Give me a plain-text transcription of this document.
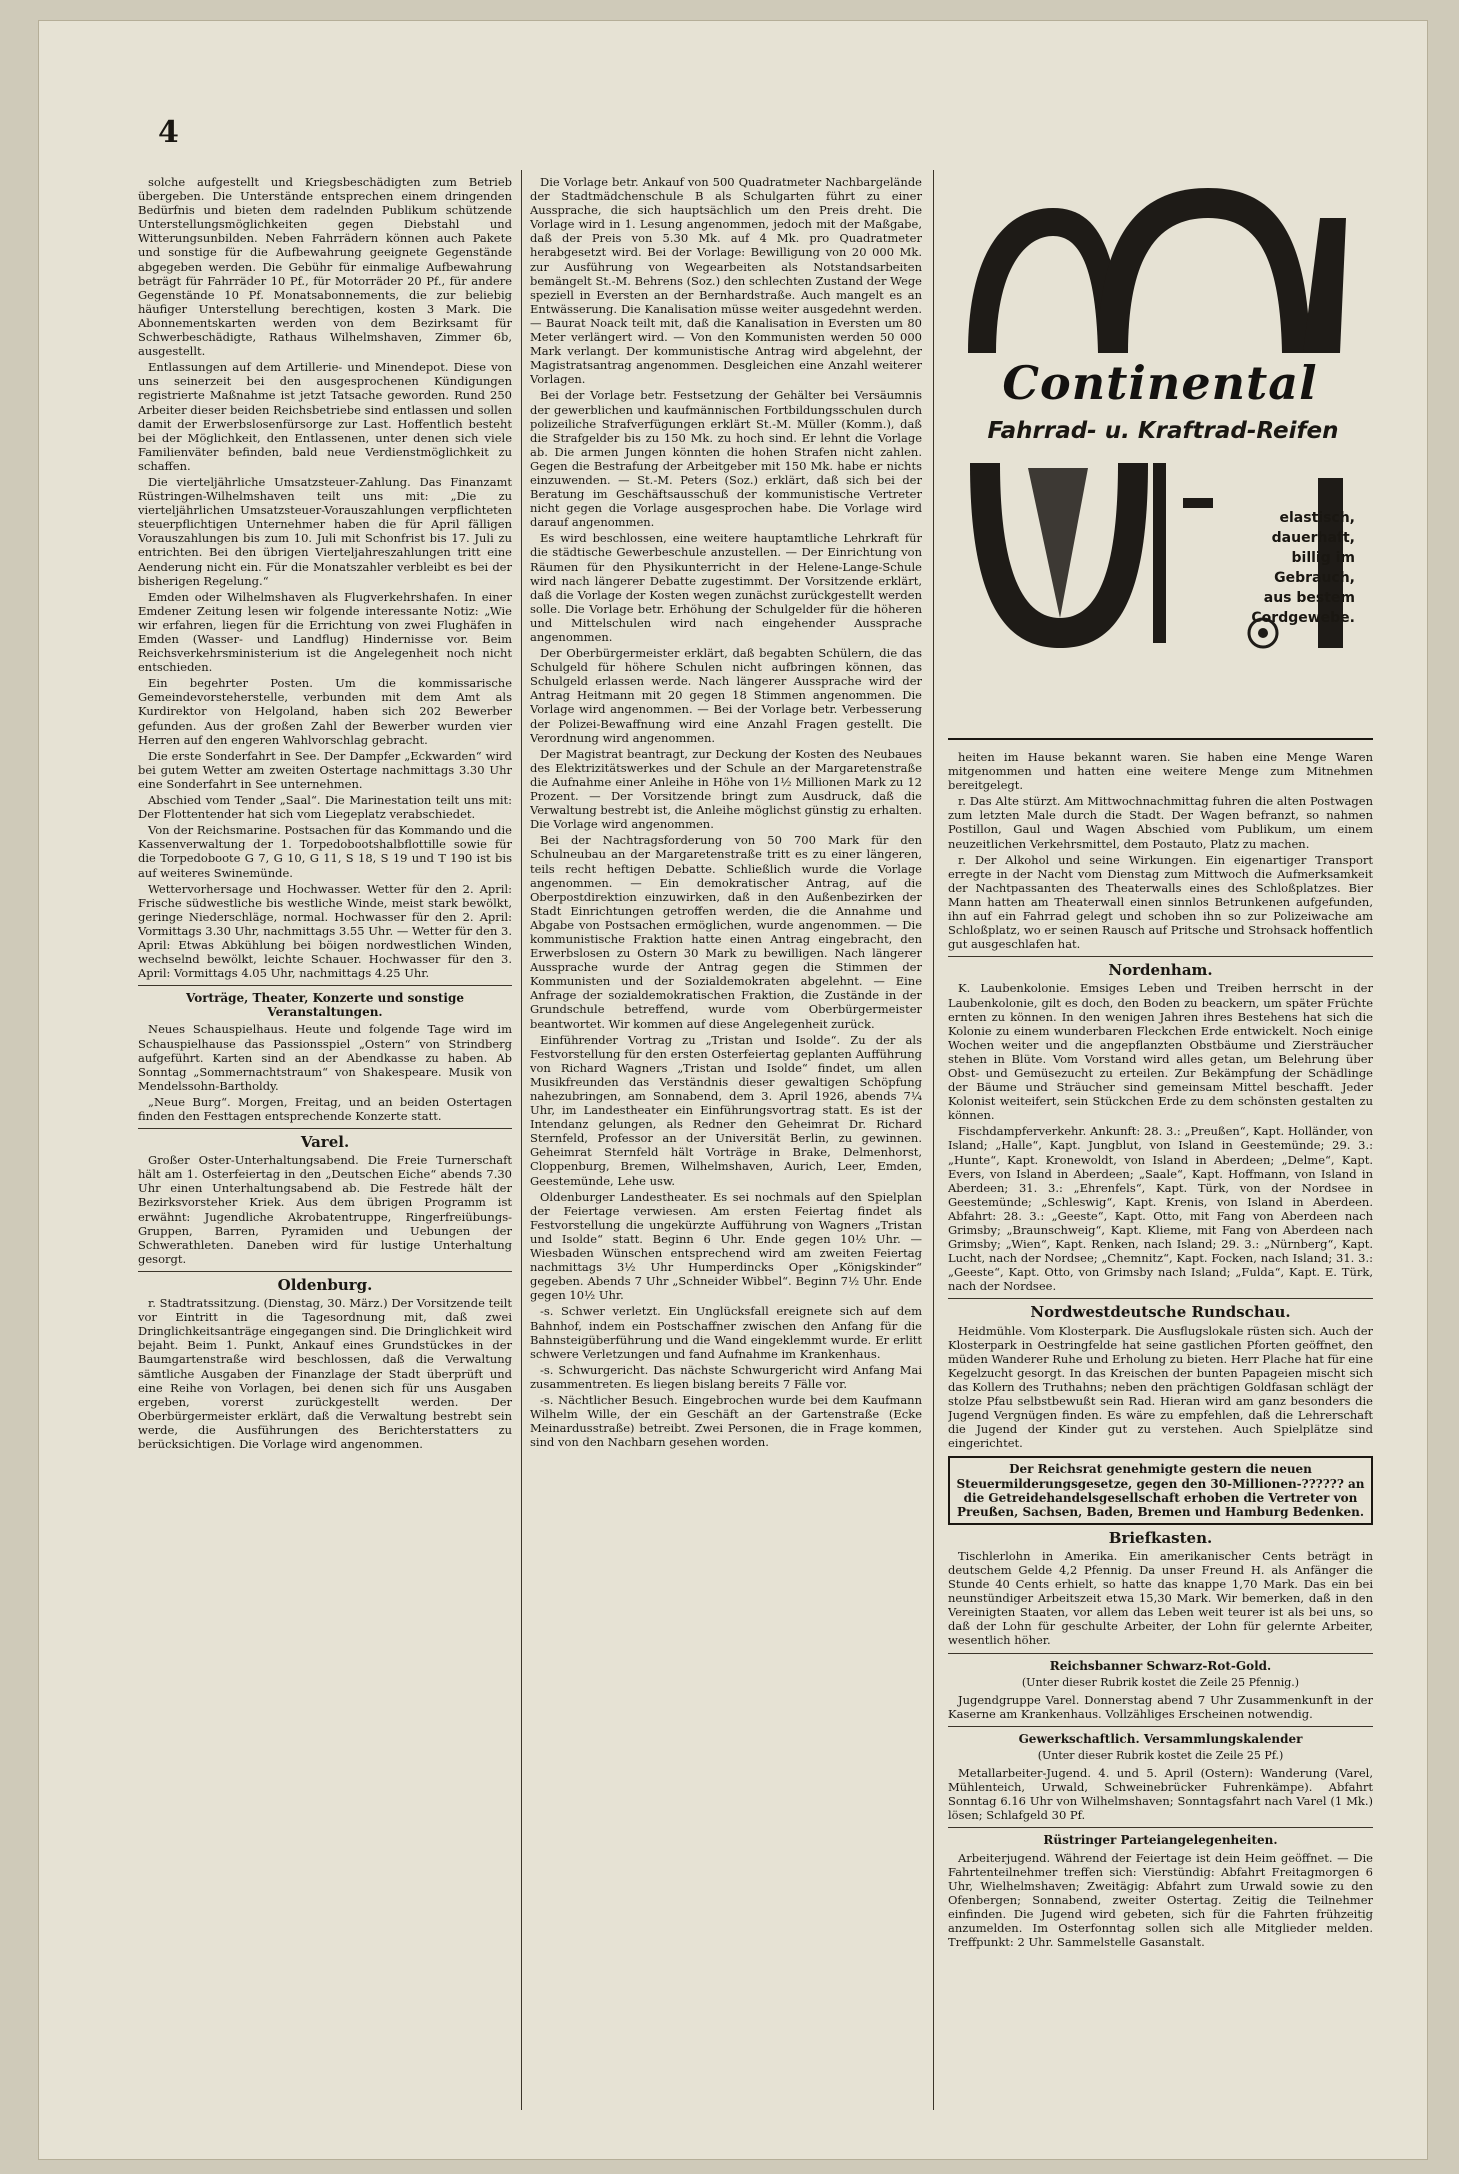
4

solche aufgestellt und Kriegsbeschädigten zum Betrieb übergeben. Die Unterstände entsprechen einem dringenden Bedürfnis und bieten dem radelnden Publikum schützende Unterstellungsmöglichkeiten gegen Diebstahl und Witterungsunbilden. Neben Fahrrädern können auch Pakete und sonstige für die Aufbewahrung geeignete Gegenstände abgegeben werden. Die Gebühr für einmalige Aufbewahrung beträgt für Fahrräder 10 Pf., für Motorräder 20 Pf., für andere Gegenstände 10 Pf. Monatsabonnements, die zur beliebig häufiger Unterstellung berechtigen, kosten 3 Mark. Die Abonnementskarten werden von dem Bezirksamt für Schwerbeschädigte, Rathaus Wilhelmshaven, Zimmer 6b, ausgestellt.

Entlassungen auf dem Artillerie- und Minendepot. Diese von uns seinerzeit bei den ausgesprochenen Kündigungen registrierte Maßnahme ist jetzt Tatsache geworden. Rund 250 Arbeiter dieser beiden Reichsbetriebe sind entlassen und sollen damit der Erwerbslosenfürsorge zur Last. Hoffentlich besteht bei der Möglichkeit, den Entlassenen, unter denen sich viele Familienväter befinden, bald neue Verdienstmöglichkeit zu schaffen.

Die vierteljährliche Umsatzsteuer-Zahlung. Das Finanzamt Rüstringen-Wilhelmshaven teilt uns mit: „Die zu vierteljährlichen Umsatzsteuer-Vorauszahlungen verpflichteten steuerpflichtigen Unternehmer haben die für April fälligen Vorauszahlungen bis zum 10. Juli mit Schonfrist bis 17. Juli zu entrichten. Bei den übrigen Vierteljahreszahlungen tritt eine Aenderung nicht ein. Für die Monatszahler verbleibt es bei der bisherigen Regelung.“

Emden oder Wilhelmshaven als Flugverkehrshafen. In einer Emdener Zeitung lesen wir folgende interessante Notiz: „Wie wir erfahren, liegen für die Errichtung von zwei Flughäfen in Emden (Wasser- und Landflug) Hindernisse vor. Beim Reichsverkehrsministerium ist die Angelegenheit noch nicht entschieden.

Ein begehrter Posten. Um die kommissarische Gemeindevorsteherstelle, verbunden mit dem Amt als Kurdirektor von Helgoland, haben sich 202 Bewerber gefunden. Aus der großen Zahl der Bewerber wurden vier Herren auf den engeren Wahlvorschlag gebracht.

Die erste Sonderfahrt in See. Der Dampfer „Eckwarden“ wird bei gutem Wetter am zweiten Ostertage nachmittags 3.30 Uhr eine Sonderfahrt in See unternehmen.

Abschied vom Tender „Saal“. Die Marinestation teilt uns mit: Der Flottentender hat sich vom Liegeplatz verabschiedet.

Von der Reichsmarine. Postsachen für das Kommando und die Kassenverwaltung der 1. Torpedobootshalbflottille sowie für die Torpedoboote G 7, G 10, G 11, S 18, S 19 und T 190 ist bis auf weiteres Swinemünde.

Wettervorhersage und Hochwasser. Wetter für den 2. April: Frische südwestliche bis westliche Winde, meist stark bewölkt, geringe Niederschläge, normal. Hochwasser für den 2. April: Vormittags 3.30 Uhr, nachmittags 3.55 Uhr. — Wetter für den 3. April: Etwas Abkühlung bei böigen nordwestlichen Winden, wechselnd bewölkt, leichte Schauer. Hochwasser für den 3. April: Vormittags 4.05 Uhr, nachmittags 4.25 Uhr.

Vorträge, Theater, Konzerte und sonstige Veranstaltungen.

Neues Schauspielhaus. Heute und folgende Tage wird im Schauspielhause das Passionsspiel „Ostern“ von Strindberg aufgeführt. Karten sind an der Abendkasse zu haben. Ab Sonntag „Sommernachtstraum“ von Shakespeare. Musik von Mendelssohn-Bartholdy.

„Neue Burg“. Morgen, Freitag, und an beiden Ostertagen finden den Festtagen entsprechende Konzerte statt.

Varel.

Großer Oster-Unterhaltungsabend. Die Freie Turnerschaft hält am 1. Osterfeiertag in den „Deutschen Eiche“ abends 7.30 Uhr einen Unterhaltungsabend ab. Die Festrede hält der Bezirksvorsteher Kriek. Aus dem übrigen Programm ist erwähnt: Jugendliche Akrobatentruppe, Ringerfreiübungs-Gruppen, Barren, Pyramiden und Uebungen der Schwerathleten. Daneben wird für lustige Unterhaltung gesorgt.

Oldenburg.

r. Stadtratssitzung. (Dienstag, 30. März.) Der Vorsitzende teilt vor Eintritt in die Tagesordnung mit, daß zwei Dringlichkeitsanträge eingegangen sind. Die Dringlichkeit wird bejaht. Beim 1. Punkt, Ankauf eines Grundstückes in der Baumgartenstraße wird beschlossen, daß die Verwaltung sämtliche Ausgaben der Finanzlage der Stadt überprüft und eine Reihe von Vorlagen, bei denen sich für uns Ausgaben ergeben, vorerst zurückgestellt werden. Der Oberbürgermeister erklärt, daß die Verwaltung bestrebt sein werde, die Ausführungen des Berichterstatters zu berücksichtigen. Die Vorlage wird angenommen.

Die Vorlage betr. Ankauf von 500 Quadratmeter Nachbargelände der Stadtmädchenschule B als Schulgarten führt zu einer Aussprache, die sich hauptsächlich um den Preis dreht. Die Vorlage wird in 1. Lesung angenommen, jedoch mit der Maßgabe, daß der Preis von 5.30 Mk. auf 4 Mk. pro Quadratmeter herabgesetzt wird. Bei der Vorlage: Bewilligung von 20 000 Mk. zur Ausführung von Wegearbeiten als Notstandsarbeiten bemängelt St.-M. Behrens (Soz.) den schlechten Zustand der Wege speziell in Eversten an der Bernhardstraße. Auch mangelt es an Entwässerung. Die Kanalisation müsse weiter ausgedehnt werden. — Baurat Noack teilt mit, daß die Kanalisation in Eversten um 80 Meter verlängert wird. — Von den Kommunisten werden 50 000 Mark verlangt. Der kommunistische Antrag wird abgelehnt, der Magistratsantrag angenommen. Desgleichen eine Anzahl weiterer Vorlagen.

Bei der Vorlage betr. Festsetzung der Gehälter bei Versäumnis der gewerblichen und kaufmännischen Fortbildungsschulen durch polizeiliche Strafverfügungen erklärt St.-M. Müller (Komm.), daß die Strafgelder bis zu 150 Mk. zu hoch sind. Er lehnt die Vorlage ab. Die armen Jungen könnten die hohen Strafen nicht zahlen. Gegen die Bestrafung der Arbeitgeber mit 150 Mk. habe er nichts einzuwenden. — St.-M. Peters (Soz.) erklärt, daß sich bei der Beratung im Geschäftsausschuß der kommunistische Vertreter nicht gegen die Vorlage ausgesprochen habe. Die Vorlage wird darauf angenommen.

Es wird beschlossen, eine weitere hauptamtliche Lehrkraft für die städtische Gewerbeschule anzustellen. — Der Einrichtung von Räumen für den Physikunterricht in der Helene-Lange-Schule wird nach längerer Debatte zugestimmt. Der Vorsitzende erklärt, daß die Vorlage der Kosten wegen zunächst zurückgestellt werden solle. Die Vorlage betr. Erhöhung der Schulgelder für die höheren und Mittelschulen wird nach eingehender Aussprache angenommen.

Der Oberbürgermeister erklärt, daß begabten Schülern, die das Schulgeld für höhere Schulen nicht aufbringen können, das Schulgeld erlassen werde. Nach längerer Aussprache wird der Antrag Heitmann mit 20 gegen 18 Stimmen angenommen. Die Vorlage wird angenommen. — Bei der Vorlage betr. Verbesserung der Polizei-Bewaffnung wird eine Anzahl Fragen gestellt. Die Verordnung wird angenommen.

Der Magistrat beantragt, zur Deckung der Kosten des Neubaues des Elektrizitätswerkes und der Schule an der Margaretenstraße die Aufnahme einer Anleihe in Höhe von 1½ Millionen Mark zu 12 Prozent. — Der Vorsitzende bringt zum Ausdruck, daß die Verwaltung bestrebt ist, die Anleihe möglichst günstig zu erhalten. Die Vorlage wird angenommen.

Bei der Nachtragsforderung von 50 700 Mark für den Schulneubau an der Margaretenstraße tritt es zu einer längeren, teils recht heftigen Debatte. Schließlich wurde die Vorlage angenommen. — Ein demokratischer Antrag, auf die Oberpostdirektion einzuwirken, daß in den Außenbezirken der Stadt Einrichtungen getroffen werden, die die Annahme und Abgabe von Postsachen ermöglichen, wurde angenommen. — Die kommunistische Fraktion hatte einen Antrag eingebracht, den Erwerbslosen zu Ostern 30 Mark zu bewilligen. Nach längerer Aussprache wurde der Antrag gegen die Stimmen der Kommunisten und der Sozialdemokraten abgelehnt. — Eine Anfrage der sozialdemokratischen Fraktion, die Zustände in der Grundschule betreffend, wurde vom Oberbürgermeister beantwortet. Wir kommen auf diese Angelegenheit zurück.

Einführender Vortrag zu „Tristan und Isolde“. Zu der als Festvorstellung für den ersten Osterfeiertag geplanten Aufführung von Richard Wagners „Tristan und Isolde“ findet, um allen Musikfreunden das Verständnis dieser gewaltigen Schöpfung nahezubringen, am Sonnabend, dem 3. April 1926, abends 7¼ Uhr, im Landestheater ein Einführungsvortrag statt. Es ist der Intendanz gelungen, als Redner den Geheimrat Dr. Richard Sternfeld, Professor an der Universität Berlin, zu gewinnen. Geheimrat Sternfeld hält Vorträge in Brake, Delmenhorst, Cloppenburg, Bremen, Wilhelmshaven, Aurich, Leer, Emden, Geestemünde, Lehe usw.

Oldenburger Landestheater. Es sei nochmals auf den Spielplan der Feiertage verwiesen. Am ersten Feiertag findet als Festvorstellung die ungekürzte Aufführung von Wagners „Tristan und Isolde“ statt. Beginn 6 Uhr. Ende gegen 10½ Uhr. — Wiesbaden Wünschen entsprechend wird am zweiten Feiertag nachmittags 3½ Uhr Humperdincks Oper „Königskinder“ gegeben. Abends 7 Uhr „Schneider Wibbel“. Beginn 7½ Uhr. Ende gegen 10½ Uhr.

-s. Schwer verletzt. Ein Unglücksfall ereignete sich auf dem Bahnhof, indem ein Postschaffner zwischen den Anfang für die Bahnsteigüberführung und die Wand eingeklemmt wurde. Er erlitt schwere Verletzungen und fand Aufnahme im Krankenhaus.

-s. Schwurgericht. Das nächste Schwurgericht wird Anfang Mai zusammentreten. Es liegen bislang bereits 7 Fälle vor.

-s. Nächtlicher Besuch. Eingebrochen wurde bei dem Kaufmann Wilhelm Wille, der ein Geschäft an der Gartenstraße (Ecke Meinardusstraße) betreibt. Zwei Personen, die in Frage kommen, sind von den Nachbarn gesehen worden.

Continental
Fahrrad- u. Kraftrad-Reifen
elastisch,
dauerhaft,
billig im
Gebrauch,
aus bestem
Cordgewebe.

heiten im Hause bekannt waren. Sie haben eine Menge Waren mitgenommen und hatten eine weitere Menge zum Mitnehmen bereitgelegt.

r. Das Alte stürzt. Am Mittwochnachmittag fuhren die alten Postwagen zum letzten Male durch die Stadt. Der Wagen befranzt, so nahmen Postillon, Gaul und Wagen Abschied vom Publikum, um einem neuzeitlichen Verkehrsmittel, dem Postauto, Platz zu machen.

r. Der Alkohol und seine Wirkungen. Ein eigenartiger Transport erregte in der Nacht vom Dienstag zum Mittwoch die Aufmerksamkeit der Nachtpassanten des Theaterwalls eines des Schloßplatzes. Bier Mann hatten am Theaterwall einen sinnlos Betrunkenen aufgefunden, ihn auf ein Fahrrad gelegt und schoben ihn so zur Polizeiwache am Schloßplatz, wo er seinen Rausch auf Pritsche und Strohsack hoffentlich gut ausgeschlafen hat.

Nordenham.

K. Laubenkolonie. Emsiges Leben und Treiben herrscht in der Laubenkolonie, gilt es doch, den Boden zu beackern, um später Früchte ernten zu können. In den wenigen Jahren ihres Bestehens hat sich die Kolonie zu einem wunderbaren Fleckchen Erde entwickelt. Noch einige Wochen weiter und die angepflanzten Obstbäume und Ziersträucher stehen in Blüte. Vom Vorstand wird alles getan, um Belehrung über Obst- und Gemüsezucht zu erteilen. Zur Bekämpfung der Schädlinge der Bäume und Sträucher sind gemeinsam Mittel beschafft. Jeder Kolonist weiteifert, sein Stückchen Erde zu dem schönsten gestalten zu können.

Fischdampferverkehr. Ankunft: 28. 3.: „Preußen“, Kapt. Holländer, von Island; „Halle“, Kapt. Jungblut, von Island in Geestemünde; 29. 3.: „Hunte“, Kapt. Kronewoldt, von Island in Aberdeen; „Delme“, Kapt. Evers, von Island in Aberdeen; „Saale“, Kapt. Hoffmann, von Island in Aberdeen; 31. 3.: „Ehrenfels“, Kapt. Türk, von der Nordsee in Geestemünde; „Schleswig“, Kapt. Krenis, von Island in Aberdeen. Abfahrt: 28. 3.: „Geeste“, Kapt. Otto, mit Fang von Aberdeen nach Grimsby; „Braunschweig“, Kapt. Klieme, mit Fang von Aberdeen nach Grimsby; „Wien“, Kapt. Renken, nach Island; 29. 3.: „Nürnberg“, Kapt. Lucht, nach der Nordsee; „Chemnitz“, Kapt. Focken, nach Island; 31. 3.: „Geeste“, Kapt. Otto, von Grimsby nach Island; „Fulda“, Kapt. E. Türk, nach der Nordsee.

Nordwestdeutsche Rundschau.

Heidmühle. Vom Klosterpark. Die Ausflugslokale rüsten sich. Auch der Klosterpark in Oestringfelde hat seine gastlichen Pforten geöffnet, den müden Wanderer Ruhe und Erholung zu bieten. Herr Plache hat für eine Kegelzucht gesorgt. In das Kreischen der bunten Papageien mischt sich das Kollern des Truthahns; neben den prächtigen Goldfasan schlägt der stolze Pfau selbstbewußt sein Rad. Hieran wird am ganz besonders die Jugend Vergnügen finden. Es wäre zu empfehlen, daß die Lehrerschaft die Jugend der Kinder gut zu verstehen. Auch Spielplätze sind eingerichtet.

Der Reichsrat genehmigte gestern die neuen Steuermilderungsgesetze, gegen den 30-Millionen-?????? an die Getreidehandelsgesellschaft erhoben die Vertreter von Preußen, Sachsen, Baden, Bremen und Hamburg Bedenken.
Briefkasten.

Tischlerlohn in Amerika. Ein amerikanischer Cents beträgt in deutschem Gelde 4,2 Pfennig. Da unser Freund H. als Anfänger die Stunde 40 Cents erhielt, so hatte das knappe 1,70 Mark. Das ein bei neunstündiger Arbeitszeit etwa 15,30 Mark. Wir bemerken, daß in den Vereinigten Staaten, vor allem das Leben weit teurer ist als bei uns, so daß der Lohn für geschulte Arbeiter, der Lohn für gelernte Arbeiter, wesentlich höher.

Reichsbanner Schwarz-Rot-Gold.
(Unter dieser Rubrik kostet die Zeile 25 Pfennig.)

Jugendgruppe Varel. Donnerstag abend 7 Uhr Zusammenkunft in der Kaserne am Krankenhaus. Vollzähliges Erscheinen notwendig.

Gewerkschaftlich. Versammlungskalender
(Unter dieser Rubrik kostet die Zeile 25 Pf.)

Metallarbeiter-Jugend. 4. und 5. April (Ostern): Wanderung (Varel, Mühlenteich, Urwald, Schweinebrücker Fuhrenkämpe). Abfahrt Sonntag 6.16 Uhr von Wilhelmshaven; Sonntagsfahrt nach Varel (1 Mk.) lösen; Schlafgeld 30 Pf.

Rüstringer Parteiangelegenheiten.

Arbeiterjugend. Während der Feiertage ist dein Heim geöffnet. — Die Fahrtenteilnehmer treffen sich: Vierstündig: Abfahrt Freitagmorgen 6 Uhr, Wielhelmshaven; Zweitägig: Abfahrt zum Urwald sowie zu den Ofenbergen; Sonnabend, zweiter Ostertag. Zeitig die Teilnehmer einfinden. Die Jugend wird gebeten, sich für die Fahrten frühzeitig anzumelden. Im Osterfonntag sollen sich alle Mitglieder melden. Treffpunkt: 2 Uhr. Sammelstelle Gasanstalt.
